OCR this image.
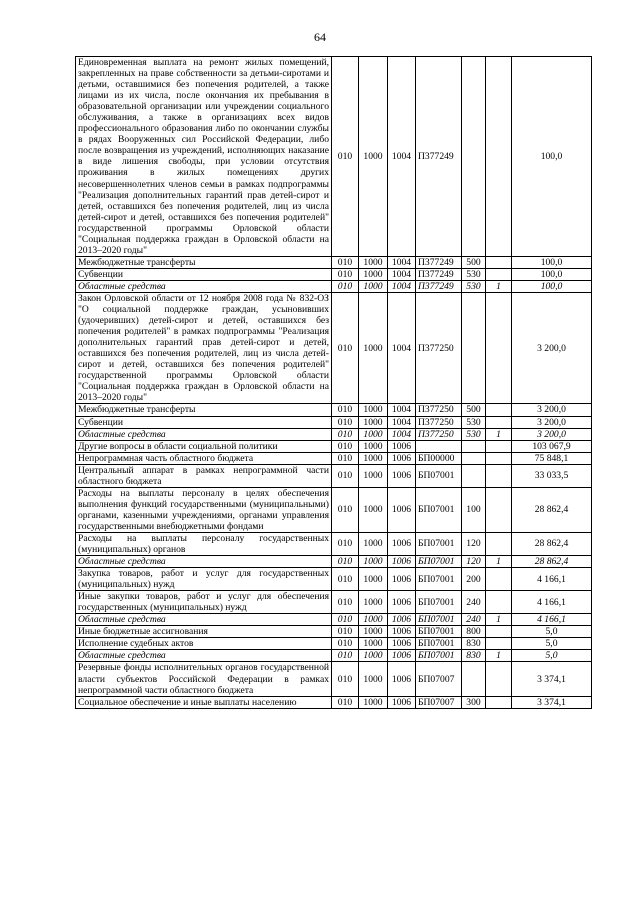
64
Единовременная выплата на ремонт жилых помещений, закрепленных на праве собственности за детьми-сиротами и детьми, оставшимися без попечения родителей, а также лицами из их числа, после окончания их пребывания в образовательной организации или учреждении социального обслуживания, а также в организациях всех видов профессионального образования либо по окончании службы в рядах Вооруженных сил Российской Федерации, либо после возвращения из учреждений, исполняющих наказание в виде лишения свободы, при условии отсутствия проживания в жилых помещениях других несовершеннолетних членов семьи в рамках подпрограммы "Реализация дополнительных гарантий прав детей-сирот и детей, оставшихся без попечения родителей, лиц из числа детей-сирот и детей, оставшихся без попечения родителей" государственной программы Орловской области "Социальная поддержка граждан в Орловской области на 2013–2020 годы"	010	1000	1004	П377249			100,0
Межбюджетные трансферты	010	1000	1004	П377249	500		100,0
Субвенции	010	1000	1004	П377249	530		100,0
Областные средства	010	1000	1004	П377249	530	1	100,0
Закон Орловской области от 12 ноября 2008 года № 832-ОЗ "О социальной поддержке граждан, усыновивших (удочеривших) детей-сирот и детей, оставшихся без попечения родителей" в рамках подпрограммы "Реализация дополнительных гарантий прав детей-сирот и детей, оставшихся без попечения родителей, лиц из числа детей-сирот и детей, оставшихся без попечения родителей" государственной программы Орловской области "Социальная поддержка граждан в Орловской области на 2013–2020 годы"	010	1000	1004	П377250			3 200,0
Межбюджетные трансферты	010	1000	1004	П377250	500		3 200,0
Субвенции	010	1000	1004	П377250	530		3 200,0
Областные средства	010	1000	1004	П377250	530	1	3 200,0
Другие вопросы в области социальной политики	010	1000	1006				103 067,9
Непрограммная часть областного бюджета	010	1000	1006	БП00000			75 848,1
Центральный аппарат в рамках непрограммной части областного бюджета	010	1000	1006	БП07001			33 033,5
Расходы на выплаты персоналу в целях обеспечения выполнения функций государственными (муниципальными) органами, казенными учреждениями, органами управления государственными внебюджетными фондами	010	1000	1006	БП07001	100		28 862,4
Расходы на выплаты персоналу государственных (муниципальных) органов	010	1000	1006	БП07001	120		28 862,4
Областные средства	010	1000	1006	БП07001	120	1	28 862,4
Закупка товаров, работ и услуг для государственных (муниципальных) нужд	010	1000	1006	БП07001	200		4 166,1
Иные закупки товаров, работ и услуг для обеспечения государственных (муниципальных) нужд	010	1000	1006	БП07001	240		4 166,1
Областные средства	010	1000	1006	БП07001	240	1	4 166,1
Иные бюджетные ассигнования	010	1000	1006	БП07001	800		5,0
Исполнение судебных актов	010	1000	1006	БП07001	830		5,0
Областные средства	010	1000	1006	БП07001	830	1	5,0
Резервные фонды исполнительных органов государственной власти субъектов Российской Федерации в рамках непрограммной части областного бюджета	010	1000	1006	БП07007			3 374,1
Социальное обеспечение и иные выплаты населению	010	1000	1006	БП07007	300		3 374,1
